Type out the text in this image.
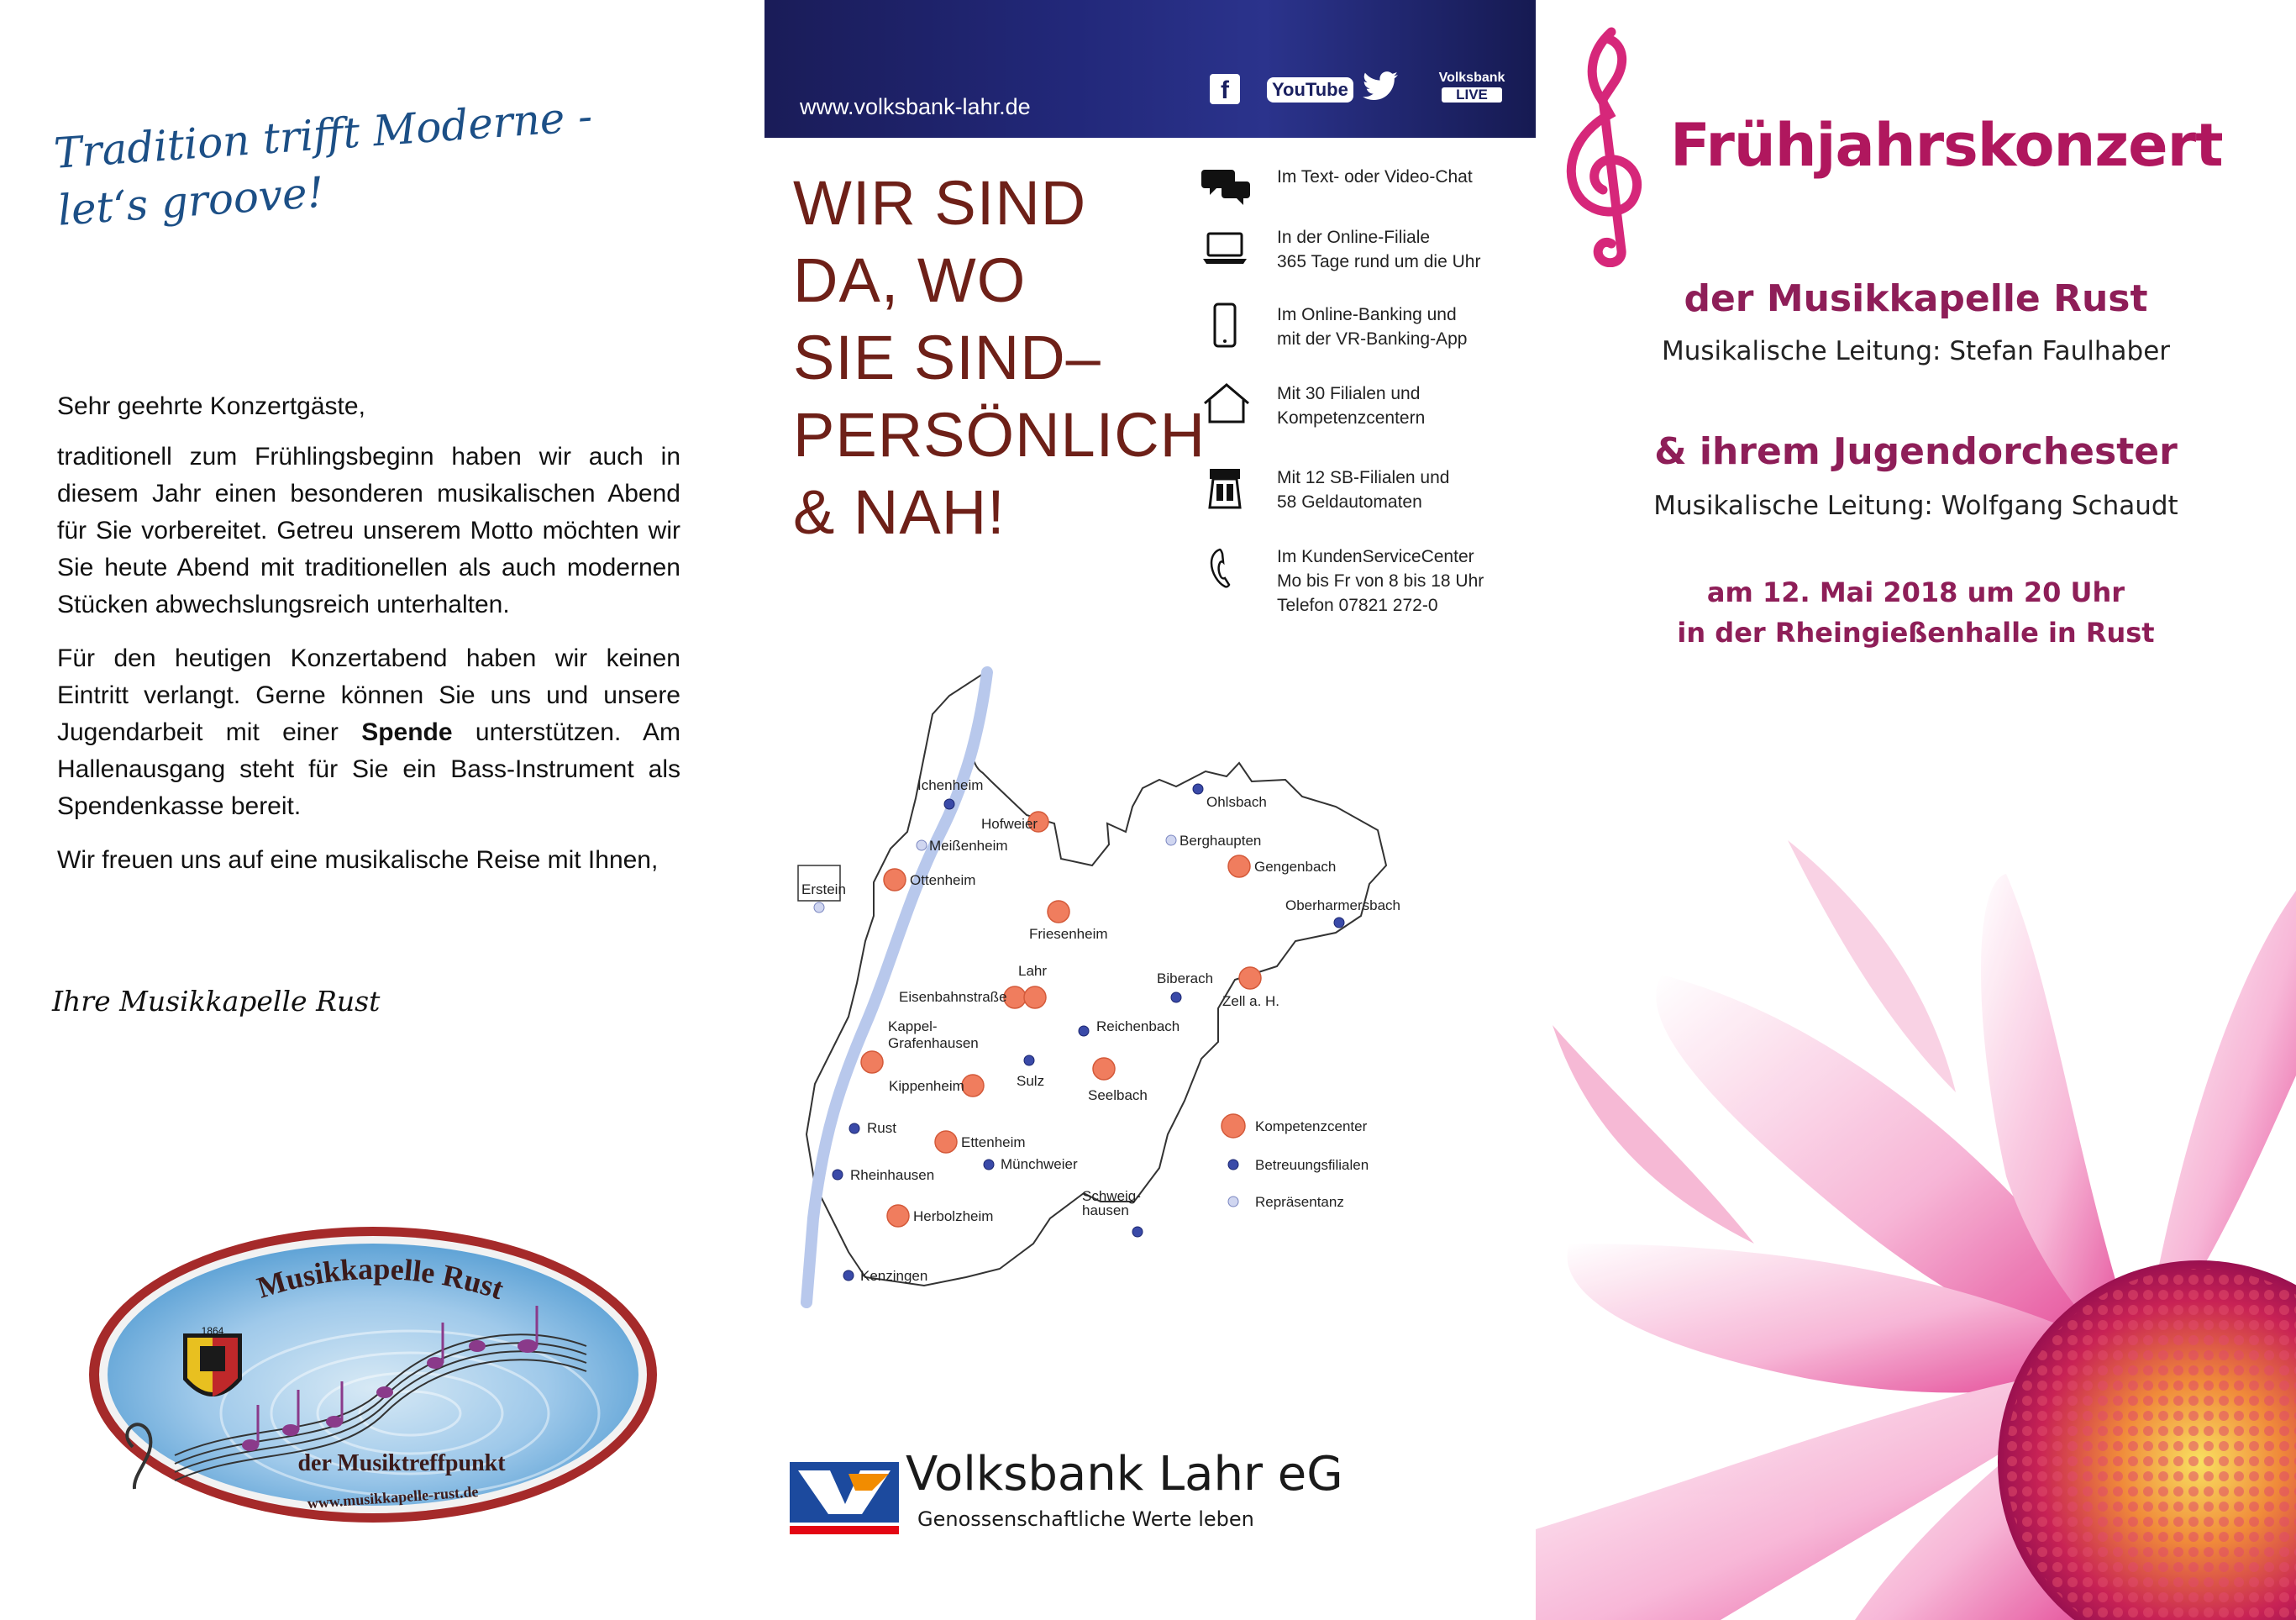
Tradition trifft Moderne -
let‘s groove!

Sehr geehrte Konzertgäste,

traditionell zum Frühlingsbeginn haben wir auch in diesem Jahr einen besonderen musikalischen Abend für Sie vorbereitet. Getreu unserem Motto möchten wir Sie heute Abend mit traditionellen als auch modernen Stücken abwechslungsreich unterhalten.

Für den heutigen Konzertabend haben wir keinen Eintritt verlangt. Gerne können Sie uns und unsere Jugendarbeit mit einer Spende unterstützen. Am Hallenausgang steht für Sie ein Bass-Instrument als Spendenkasse bereit.

Wir freuen uns auf eine musikalische Reise mit Ihnen,

Ihre Musikkapelle Rust
1864
Musikkapelle Rust
der Musiktreffpunkt
www.musikkapelle-rust.de
www.volksbank-lahr.de
f	YouTube
Volksbank
LIVE
WIR SIND
DA, WO
SIE SIND–
PERSÖNLICH
& NAH!
Im Text- oder Video-Chat
In der Online-Filiale
365 Tage rund um die Uhr
Im Online-Banking und
mit der VR-Banking-App
Mit 30 Filialen und
Kompetenzcentern
Mit 12 SB-Filialen und
58 Geldautomaten
Im KundenServiceCenter
Mo bis Fr von 8 bis 18 Uhr
Telefon 07821 272-0
Ichenheim
Hofweier
Ohlsbach
Meißenheim	Berghaupten
Gengenbach
Ottenheim
Erstein
Oberharmersbach
Friesenheim
Lahr	Biberach
Eisenbahnstraße	Zell a. H.
Kappel-
Grafenhausen
Reichenbach
Sulz
Seelbach
Kippenheim
Rust
Ettenheim
Münchweier
Rheinhausen
Herbolzheim
Schweig-
hausen
Kenzingen
Kompetenzcenter
Betreuungsfilialen
Repräsentanz
Volksbank Lahr eG
Genossenschaftliche Werte leben
Frühjahrskonzert
der Musikkapelle Rust
Musikalische Leitung: Stefan Faulhaber
& ihrem Jugendorchester
Musikalische Leitung: Wolfgang Schaudt
am 12. Mai 2018 um 20 Uhr
in der Rheingießenhalle in Rust
